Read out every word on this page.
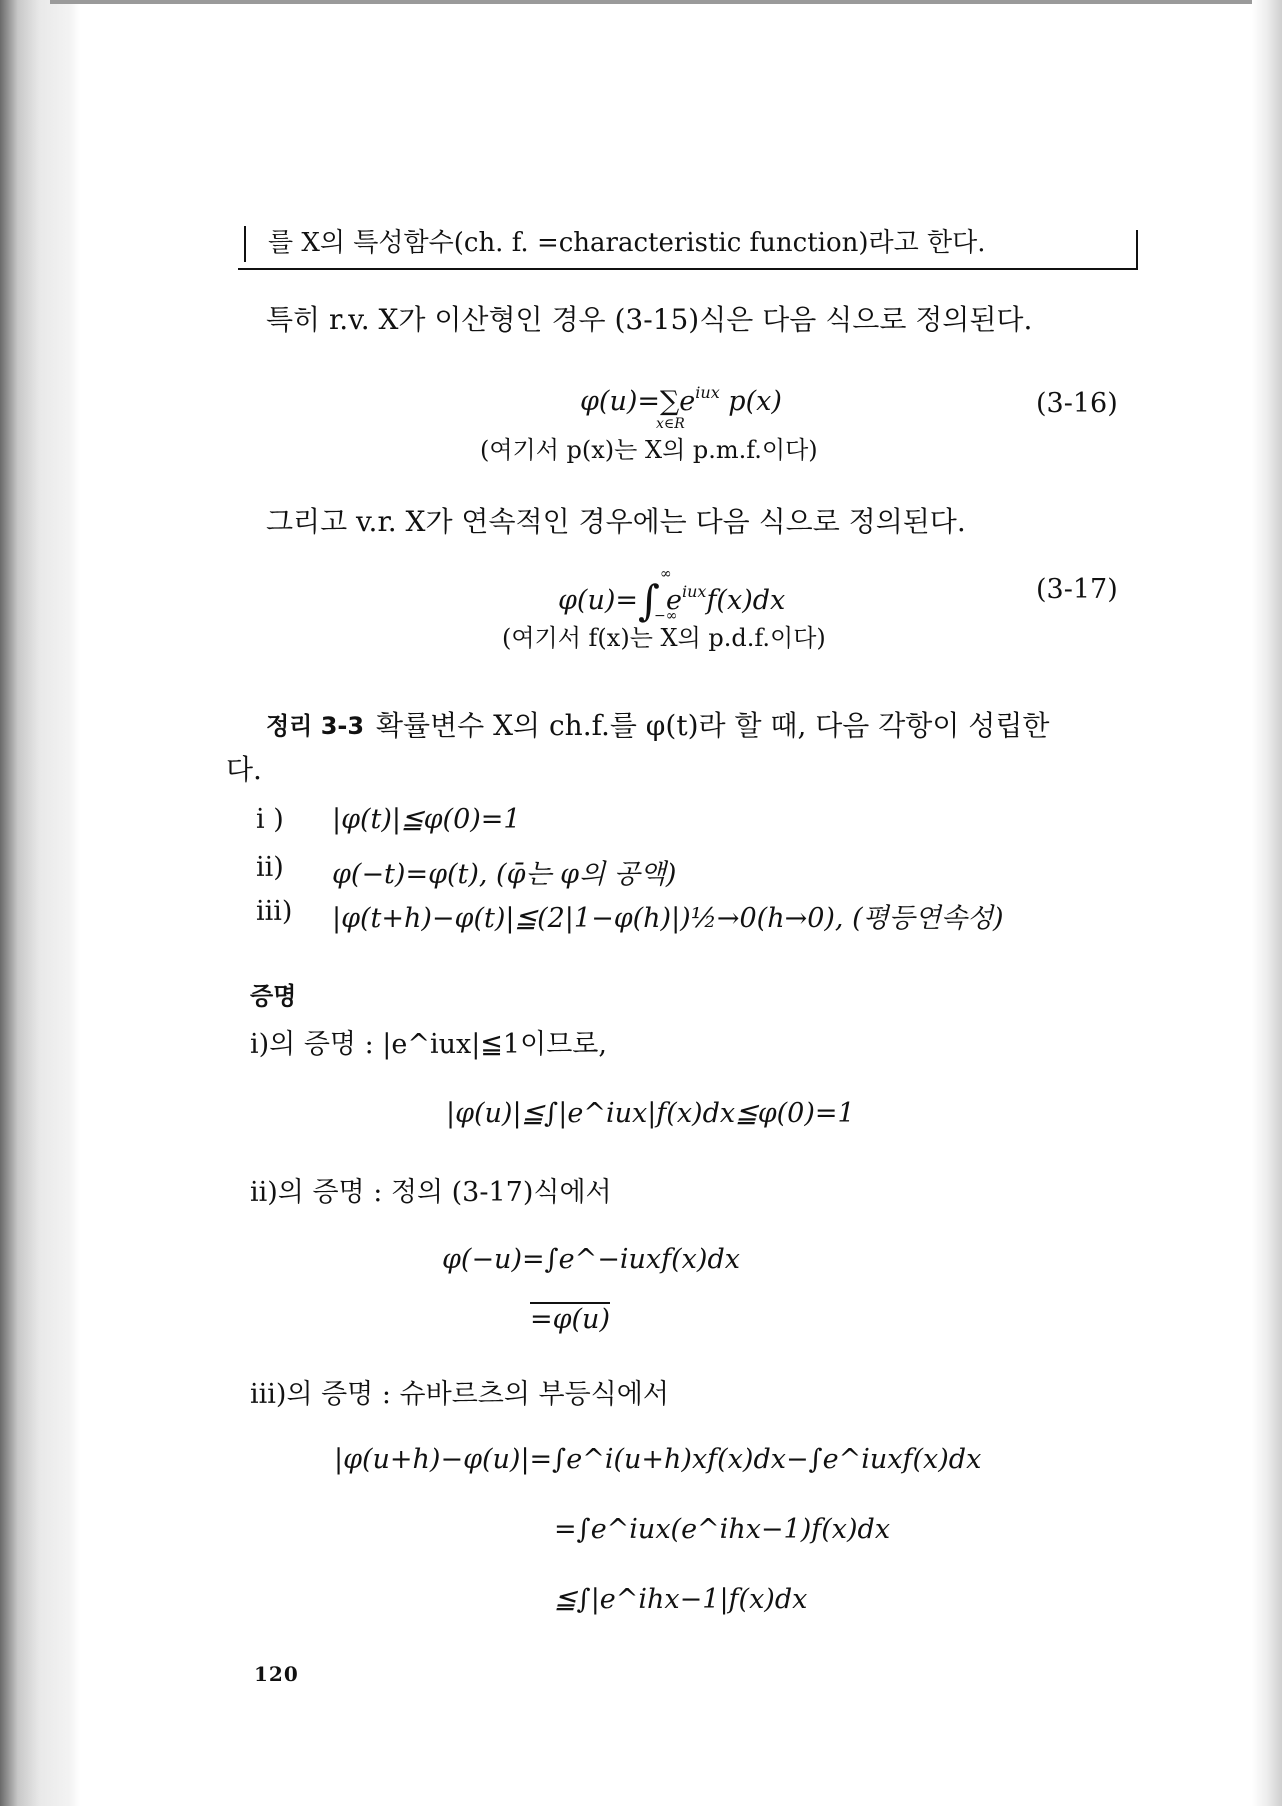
를 X의 특성함수(ch. f. =characteristic function)라고 한다.
특히 r.v. X가 이산형인 경우 (3-15)식은 다음 식으로 정의된다.
φ(u)=∑
x∈R
$e^{iux}$ p(x)	(3-16)
(여기서 p(x)는 X의 p.m.f.이다)
그리고 v.r. X가 연속적인 경우에는 다음 식으로 정의된다.
φ(u)=∫
∞
−∞
$e^{iux}f(x)dx$	(3-17)
(여기서 f(x)는 X의 p.d.f.이다)
정리 3-3 확률변수 X의 ch.f.를 φ(t)라 할 때, 다음 각항이 성립한
다.
i ) |φ(t)|≦φ(0)=1
ii) φ(−t)=φ(t), (φ̄는 φ의 공액)
iii) |φ(t+h)−φ(t)|≦(2|1−φ(h)|)½→0(h→0), (평등연속성)
증명
i)의 증명 : |e^iux|≦1이므로,
|φ(u)|≦∫|e^iux|f(x)dx≦φ(0)=1
ii)의 증명 : 정의 (3-17)식에서
φ(−u)=∫e^−iuxf(x)dx
=φ(u)
iii)의 증명 : 슈바르츠의 부등식에서
|φ(u+h)−φ(u)|=∫e^i(u+h)xf(x)dx−∫e^iuxf(x)dx
=∫e^iux(e^ihx−1)f(x)dx
≦∫|e^ihx−1|f(x)dx
120
